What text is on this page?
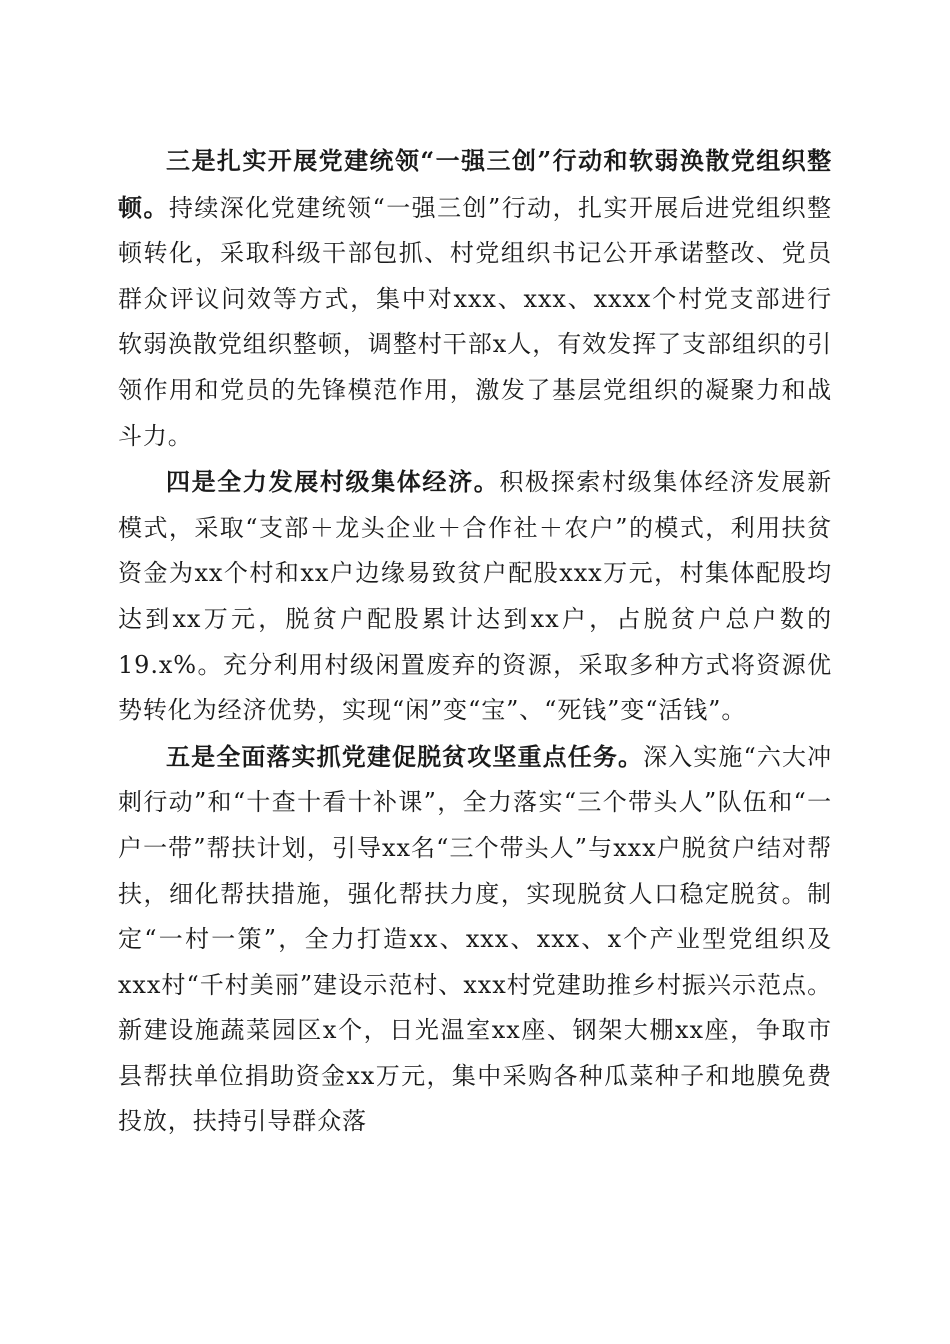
三是扎实开展党建统领“一强三创”行动和软弱涣散党组织整顿。持续深化党建统领“一强三创”行动，扎实开展后进党组织整顿转化，采取科级干部包抓、村党组织书记公开承诺整改、党员群众评议问效等方式，集中对xxx、xxx、xxxx个村党支部进行软弱涣散党组织整顿，调整村干部x人，有效发挥了支部组织的引领作用和党员的先锋模范作用，激发了基层党组织的凝聚力和战斗力。

四是全力发展村级集体经济。积极探索村级集体经济发展新模式，采取“支部＋龙头企业＋合作社＋农户”的模式，利用扶贫资金为xx个村和xx户边缘易致贫户配股xxx万元，村集体配股均达到xx万元，脱贫户配股累计达到xx户，占脱贫户总户数的19.x%。充分利用村级闲置废弃的资源，采取多种方式将资源优势转化为经济优势，实现“闲”变“宝”、“死钱”变“活钱”。

五是全面落实抓党建促脱贫攻坚重点任务。深入实施“六大冲刺行动”和“十查十看十补课”，全力落实“三个带头人”队伍和“一户一带”帮扶计划，引导xx名“三个带头人”与xxx户脱贫户结对帮扶，细化帮扶措施，强化帮扶力度，实现脱贫人口稳定脱贫。制定“一村一策”，全力打造xx、xxx、xxx、x个产业型党组织及xxx村“千村美丽”建设示范村、xxx村党建助推乡村振兴示范点。新建设施蔬菜园区x个，日光温室xx座、钢架大棚xx座，争取市县帮扶单位捐助资金xx万元，集中采购各种瓜菜种子和地膜免费投放，扶持引导群众落
